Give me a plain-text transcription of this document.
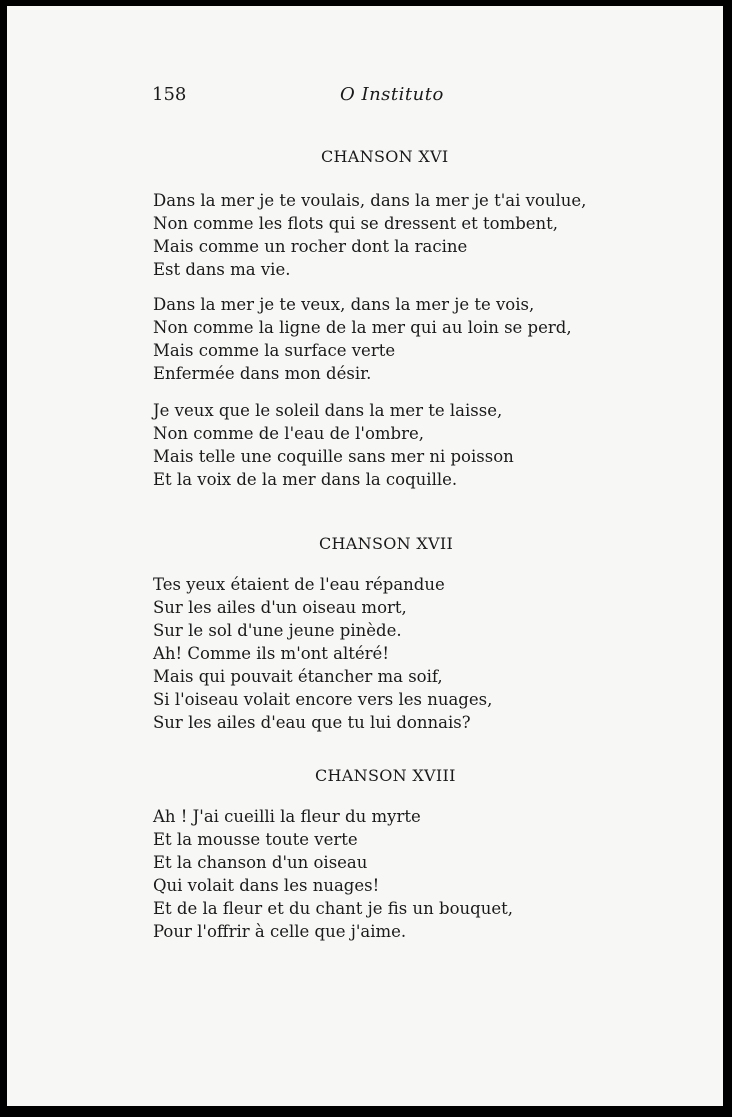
158	O Instituto
CHANSON XVI
Dans la mer je te voulais, dans la mer je t'ai voulue,
Non comme les flots qui se dressent et tombent,
Mais comme un rocher dont la racine
Est dans ma vie.
Dans la mer je te veux, dans la mer je te vois,
Non comme la ligne de la mer qui au loin se perd,
Mais comme la surface verte
Enfermée dans mon désir.
Je veux que le soleil dans la mer te laisse,
Non comme de l'eau de l'ombre,
Mais telle une coquille sans mer ni poisson
Et la voix de la mer dans la coquille.
CHANSON XVII
Tes yeux étaient de l'eau répandue
Sur les ailes d'un oiseau mort,
Sur le sol d'une jeune pinède.
Ah! Comme ils m'ont altéré!
Mais qui pouvait étancher ma soif,
Si l'oiseau volait encore vers les nuages,
Sur les ailes d'eau que tu lui donnais?
CHANSON XVIII
Ah ! J'ai cueilli la fleur du myrte
Et la mousse toute verte
Et la chanson d'un oiseau
Qui volait dans les nuages!
Et de la fleur et du chant je fis un bouquet,
Pour l'offrir à celle que j'aime.
